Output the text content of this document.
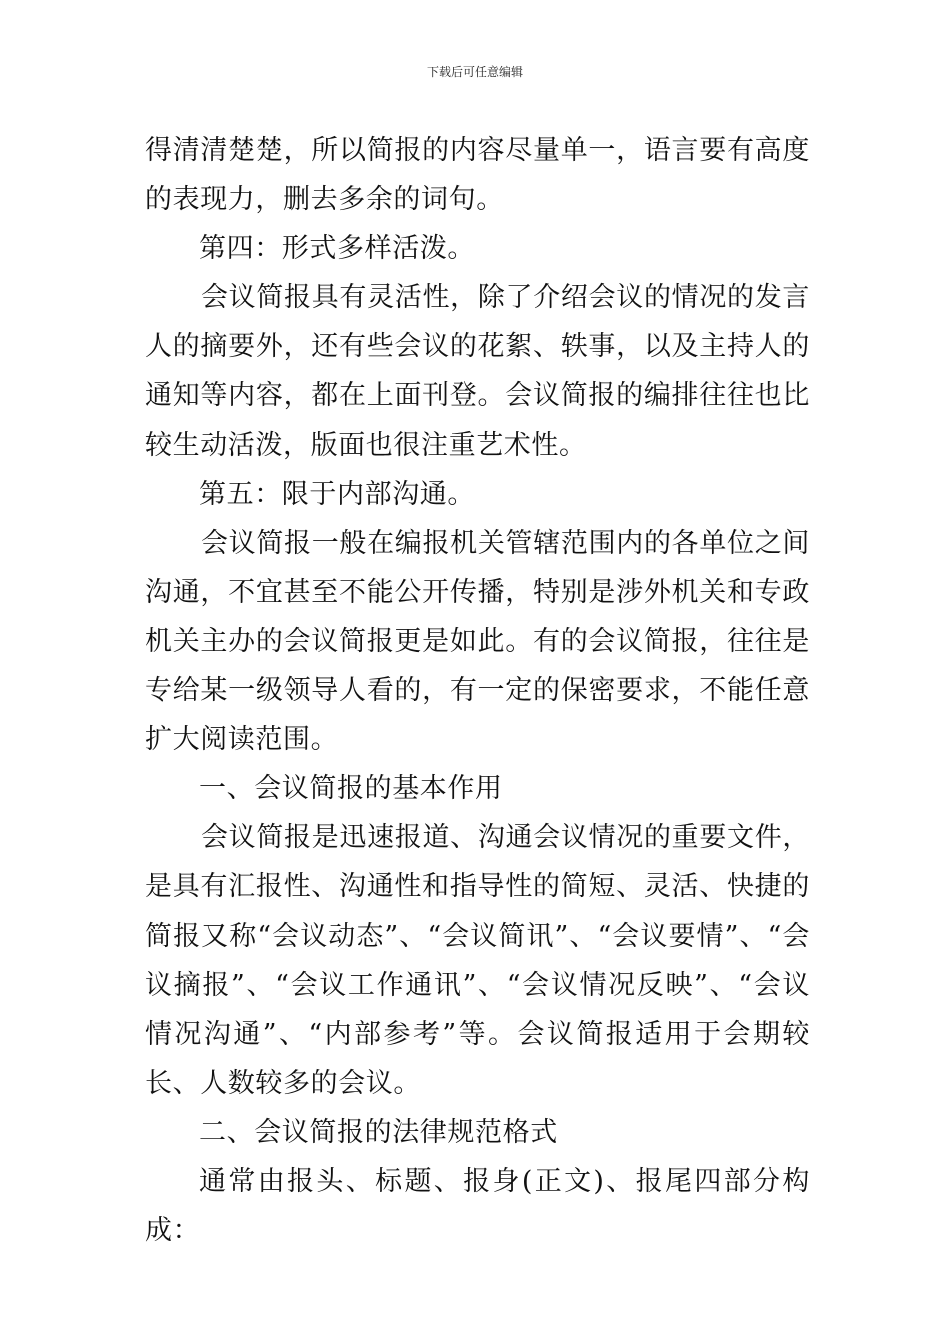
下载后可任意编辑

得清清楚楚，所以简报的内容尽量单一，语言要有高度的表现力，删去多余的词句。

第四：形式多样活泼。

会议简报具有灵活性，除了介绍会议的情况的发言人的摘要外，还有些会议的花絮、轶事，以及主持人的通知等内容，都在上面刊登。会议简报的编排往往也比较生动活泼，版面也很注重艺术性。

第五：限于内部沟通。

会议简报一般在编报机关管辖范围内的各单位之间沟通，不宜甚至不能公开传播，特别是涉外机关和专政机关主办的会议简报更是如此。有的会议简报，往往是专给某一级领导人看的，有一定的保密要求，不能任意扩大阅读范围。

一、会议简报的基本作用

会议简报是迅速报道、沟通会议情况的重要文件，是具有汇报性、沟通性和指导性的简短、灵活、快捷的简报又称“会议动态”、“会议简讯”、“会议要情”、“会议摘报”、“会议工作通讯”、“会议情况反映”、“会议情况沟通”、“内部参考”等。会议简报适用于会期较长、人数较多的会议。

二、会议简报的法律规范格式

通常由报头、标题、报身(正文)、报尾四部分构成：
